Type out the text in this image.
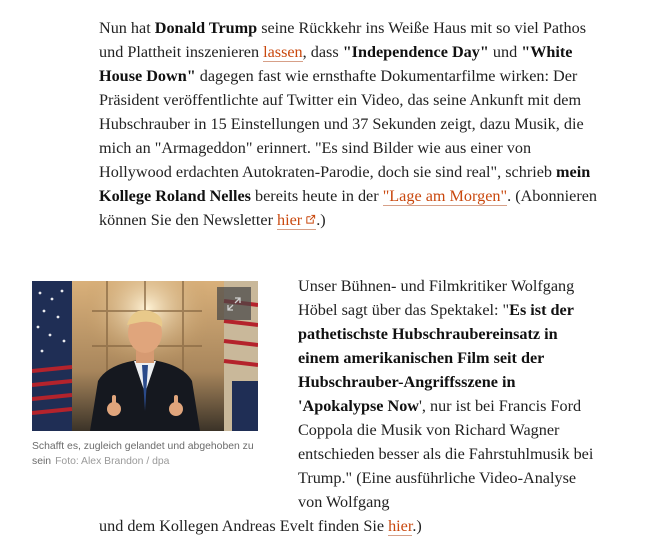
Nun hat Donald Trump seine Rückkehr ins Weiße Haus mit so viel Pathos und Plattheit inszenieren lassen, dass "Independence Day" und "White House Down" dagegen fast wie ernsthafte Dokumentarfilme wirken: Der Präsident veröffentlichte auf Twitter ein Video, das seine Ankunft mit dem Hubschrauber in 15 Einstellungen und 37 Sekunden zeigt, dazu Musik, die mich an "Armageddon" erinnert. "Es sind Bilder wie aus einer von Hollywood erdachten Autokraten-Parodie, doch sie sind real", schrieb mein Kollege Roland Nelles bereits heute in der "Lage am Morgen". (Abonnieren können Sie den Newsletter hier .)

Schafft es, zugleich gelandet und abgehoben zu sein Foto: Alex Brandon / dpa

Unser Bühnen- und Filmkritiker Wolfgang Höbel sagt über das Spektakel: "Es ist der pathetischste Hubschraubereinsatz in einem amerikanischen Film seit der Hubschrauber-Angriffsszene in 'Apokalypse Now', nur ist bei Francis Ford Coppola die Musik von Richard Wagner entschieden besser als die Fahrstuhlmusik bei Trump." (Eine ausführliche Video-Analyse von Wolfgang

und dem Kollegen Andreas Evelt finden Sie hier.)
